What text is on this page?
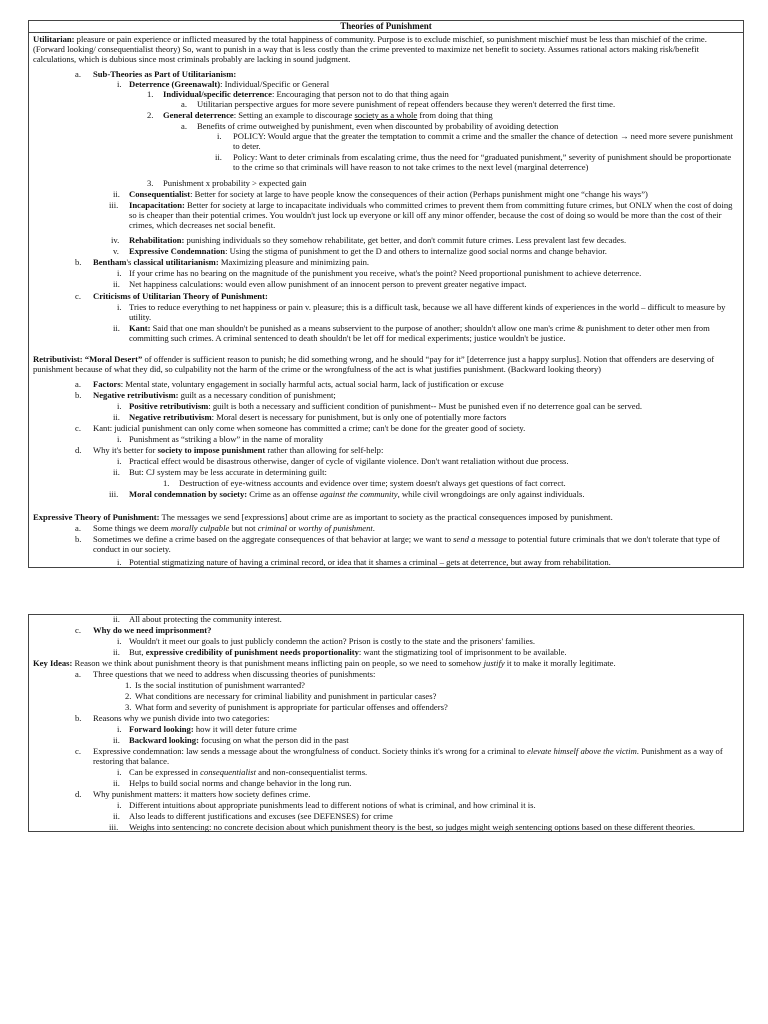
Theories of Punishment
Utilitarian: pleasure or pain experience or inflicted measured by the total happiness of community. Purpose is to exclude mischief, so punishment mischief must be less than mischief of the crime. (Forward looking/ consequentialist theory) So, want to punish in a way that is less costly than the crime prevented to maximize net benefit to society. Assumes rational actors making risk/benefit calculations, which is dubious since most criminals probably are lacking in sound judgment.
a. Sub-Theories as Part of Utilitarianism:
i. Deterrence (Greenawalt): Individual/Specific or General
1. Individual/specific deterrence: Encouraging that person not to do that thing again
a. Utilitarian perspective argues for more severe punishment of repeat offenders because they weren't deterred the first time.
2. General deterrence: Setting an example to discourage society as a whole from doing that thing
a. Benefits of crime outweighed by punishment, even when discounted by probability of avoiding detection
i. POLICY: Would argue that the greater the temptation to commit a crime and the smaller the chance of detection → need more severe punishment to deter.
ii. Policy: Want to deter criminals from escalating crime, thus the need for “graduated punishment,” severity of punishment should be proportionate to the crime so that criminals will have reason to not take crimes to the next level (marginal deterrence)
3. Punishment x probability > expected gain
ii. Consequentialist: Better for society at large to have people know the consequences of their action (Perhaps punishment might one “change his ways”)
iii. Incapacitation: Better for society at large to incapacitate individuals who committed crimes to prevent them from committing future crimes, but ONLY when the cost of doing so is cheaper than their potential crimes. You wouldn't just lock up everyone or kill off any minor offender, because the cost of doing so would be more than the cost of their crimes, which decreases net social benefit.
iv. Rehabilitation: punishing individuals so they somehow rehabilitate, get better, and don't commit future crimes. Less prevalent last few decades.
v. Expressive Condemnation: Using the stigma of punishment to get the D and others to internalize good social norms and change behavior.
b. Bentham's classical utilitarianism: Maximizing pleasure and minimizing pain.
i. If your crime has no bearing on the magnitude of the punishment you receive, what's the point? Need proportional punishment to achieve deterrence.
ii. Net happiness calculations: would even allow punishment of an innocent person to prevent greater negative impact.
c. Criticisms of Utilitarian Theory of Punishment:
i. Tries to reduce everything to net happiness or pain v. pleasure; this is a difficult task, because we all have different kinds of experiences in the world – difficult to measure by utility.
ii. Kant: Said that one man shouldn't be punished as a means subservient to the purpose of another; shouldn't allow one man's crime & punishment to deter other men from committing such crimes. A criminal sentenced to death shouldn't be let off for medical experiments; justice wouldn't be justice.
Retributivist: “Moral Desert” of offender is sufficient reason to punish; he did something wrong, and he should “pay for it” [deterrence just a happy surplus]. Notion that offenders are deserving of punishment because of what they did, so culpability not the harm of the crime or the wrongfulness of the act is what justifies punishment. (Backward looking theory)
a. Factors: Mental state, voluntary engagement in socially harmful acts, actual social harm, lack of justification or excuse
b. Negative retributivism: guilt as a necessary condition of punishment;
i. Positive retributivism: guilt is both a necessary and sufficient condition of punishment-- Must be punished even if no deterrence goal can be served.
ii. Negative retributivism: Moral desert is necessary for punishment, but is only one of potentially more factors
c. Kant: judicial punishment can only come when someone has committed a crime; can't be done for the greater good of society.
i. Punishment as “striking a blow” in the name of morality
d. Why it's better for society to impose punishment rather than allowing for self-help:
i. Practical effect would be disastrous otherwise, danger of cycle of vigilante violence. Don't want retaliation without due process.
ii. But: CJ system may be less accurate in determining guilt:
1. Destruction of eye-witness accounts and evidence over time; system doesn't always get questions of fact correct.
iii. Moral condemnation by society: Crime as an offense against the community, while civil wrongdoings are only against individuals.
Expressive Theory of Punishment: The messages we send [expressions] about crime are as important to society as the practical consequences imposed by punishment.
a. Some things we deem morally culpable but not criminal or worthy of punishment.
b. Sometimes we define a crime based on the aggregate consequences of that behavior at large; we want to send a message to potential future criminals that we don't tolerate that type of conduct in our society.
i. Potential stigmatizing nature of having a criminal record, or idea that it shames a criminal – gets at deterrence, but away from rehabilitation.
ii. All about protecting the community interest.
c. Why do we need imprisonment?
i. Wouldn't it meet our goals to just publicly condemn the action? Prison is costly to the state and the prisoners' families.
ii. But, expressive credibility of punishment needs proportionality: want the stigmatizing tool of imprisonment to be available.
Key Ideas: Reason we think about punishment theory is that punishment means inflicting pain on people, so we need to somehow justify it to make it morally legitimate.
a. Three questions that we need to address when discussing theories of punishments:
1. Is the social institution of punishment warranted?
2. What conditions are necessary for criminal liability and punishment in particular cases?
3. What form and severity of punishment is appropriate for particular offenses and offenders?
b. Reasons why we punish divide into two categories:
i. Forward looking: how it will deter future crime
ii. Backward looking: focusing on what the person did in the past
c. Expressive condemnation: law sends a message about the wrongfulness of conduct. Society thinks it's wrong for a criminal to elevate himself above the victim. Punishment as a way of restoring that balance.
i. Can be expressed in consequentialist and non-consequentialist terms.
ii. Helps to build social norms and change behavior in the long run.
d. Why punishment matters: it matters how society defines crime.
i. Different intuitions about appropriate punishments lead to different notions of what is criminal, and how criminal it is.
ii. Also leads to different justifications and excuses (see DEFENSES) for crime
iii. Weighs into sentencing: no concrete decision about which punishment theory is the best, so judges might weigh sentencing options based on these different theories.
